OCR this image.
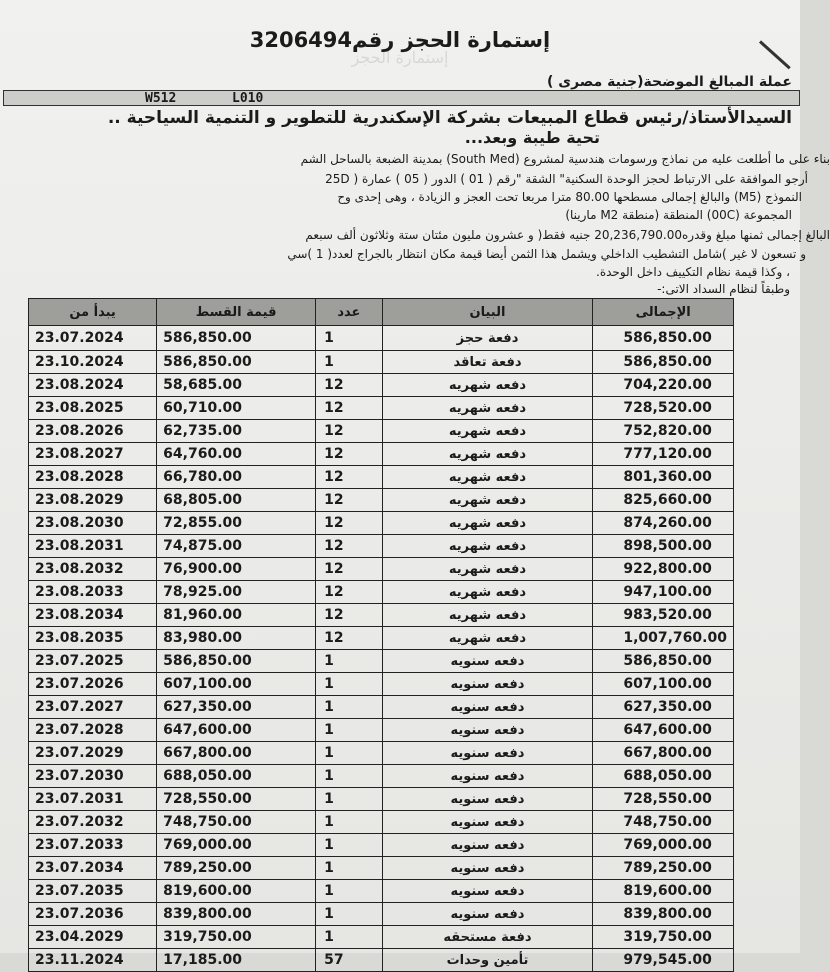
إستمارة الحجز رقم3206494
إستمارة الحجز
عملة المبالغ الموضحة(جنية مصرى )
W512	L010
السيدالأستاذ/رئيس قطاع المبيعات بشركة الإسكندرية للتطوير و التنمية السياحية ..
تحية طيبة وبعد...
بناء على ما أطلعت عليه من نماذج ورسومات هندسية لمشروع (South Med) بمدينة الضبعة بالساحل الشم
أرجو الموافقة على الارتباط لحجز الوحدة السكنية" الشقة "رقم ( 01 ) الدور ( 05 ) عمارة ( 25D
النموذج (M5) والبالغ إجمالى مسطحها 80.00 مترا مربعا تحت العجز و الزيادة ، وهى إحدى وح
المجموعة (00C) المنطقة (منطقة M2 مارينا)
البالغ إجمالى ثمنها مبلغ وقدره20,236,790.00 جنيه فقط( و عشرون مليون مئتان ستة وثلاثون ألف سبعم
و تسعون لا غير )شامل التشطيب الداخلي ويشمل هذا الثمن أيضا قيمة مكان انتظار بالجراج لعدد( 1 )سي
، وكذا قيمة نظام التكييف داخل الوحدة.
وطبقاً لنظام السداد الاتى:-
يبدأ من	قيمة القسط	عدد	البيان	الإجمالى
23.07.2024	586,850.00	1	دفعة حجز	586,850.00
23.10.2024	586,850.00	1	دفعة تعاقد	586,850.00
23.08.2024	58,685.00	12	دفعه شهريه	704,220.00
23.08.2025	60,710.00	12	دفعه شهريه	728,520.00
23.08.2026	62,735.00	12	دفعه شهريه	752,820.00
23.08.2027	64,760.00	12	دفعه شهريه	777,120.00
23.08.2028	66,780.00	12	دفعه شهريه	801,360.00
23.08.2029	68,805.00	12	دفعه شهريه	825,660.00
23.08.2030	72,855.00	12	دفعه شهريه	874,260.00
23.08.2031	74,875.00	12	دفعه شهريه	898,500.00
23.08.2032	76,900.00	12	دفعه شهريه	922,800.00
23.08.2033	78,925.00	12	دفعه شهريه	947,100.00
23.08.2034	81,960.00	12	دفعه شهريه	983,520.00
23.08.2035	83,980.00	12	دفعه شهريه	1,007,760.00
23.07.2025	586,850.00	1	دفعه سنويه	586,850.00
23.07.2026	607,100.00	1	دفعه سنويه	607,100.00
23.07.2027	627,350.00	1	دفعه سنويه	627,350.00
23.07.2028	647,600.00	1	دفعه سنويه	647,600.00
23.07.2029	667,800.00	1	دفعه سنويه	667,800.00
23.07.2030	688,050.00	1	دفعه سنويه	688,050.00
23.07.2031	728,550.00	1	دفعه سنويه	728,550.00
23.07.2032	748,750.00	1	دفعه سنويه	748,750.00
23.07.2033	769,000.00	1	دفعه سنويه	769,000.00
23.07.2034	789,250.00	1	دفعه سنويه	789,250.00
23.07.2035	819,600.00	1	دفعه سنويه	819,600.00
23.07.2036	839,800.00	1	دفعه سنويه	839,800.00
23.04.2029	319,750.00	1	دفعة مستحقه	319,750.00
23.11.2024	17,185.00	57	تأمين وحدات	979,545.00
